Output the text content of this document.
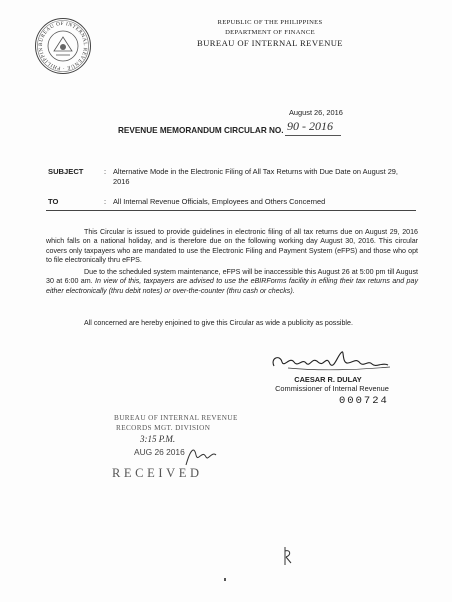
BUREAU OF INTERNAL REVENUE · PHILIPPIN
REPUBLIC OF THE PHILIPPINES
DEPARTMENT OF FINANCE
BUREAU OF INTERNAL REVENUE
August 26, 2016
REVENUE MEMORANDUM CIRCULAR NO. 90 - 2016
SUBJECT	: Alternative Mode in the Electronic Filing of All Tax Returns with Due Date on August 29, 2016
TO	: All Internal Revenue Officials, Employees and Others Concerned
This Circular is issued to provide guidelines in electronic filing of all tax returns due on August 29, 2016 which falls on a national holiday, and is therefore due on the following working day August 30, 2016. This circular covers only taxpayers who are mandated to use the Electronic Filing and Payment System (eFPS) and those who opt to file electronically thru eFPS.
Due to the scheduled system maintenance, eFPS will be inaccessible this August 26 at 5:00 pm till August 30 at 6:00 am. In view of this, taxpayers are advised to use the eBIRForms facility in efiling their tax returns and pay either electronically (thru debit notes) or over-the-counter (thru cash or checks).
All concerned are hereby enjoined to give this Circular as wide a publicity as possible.
CAESAR R. DULAY
Commissioner of Internal Revenue
000724
BUREAU OF INTERNAL REVENUE
RECORDS MGT. DIVISION
3:15 P.M.
AUG 26 2016
RECEIVED
